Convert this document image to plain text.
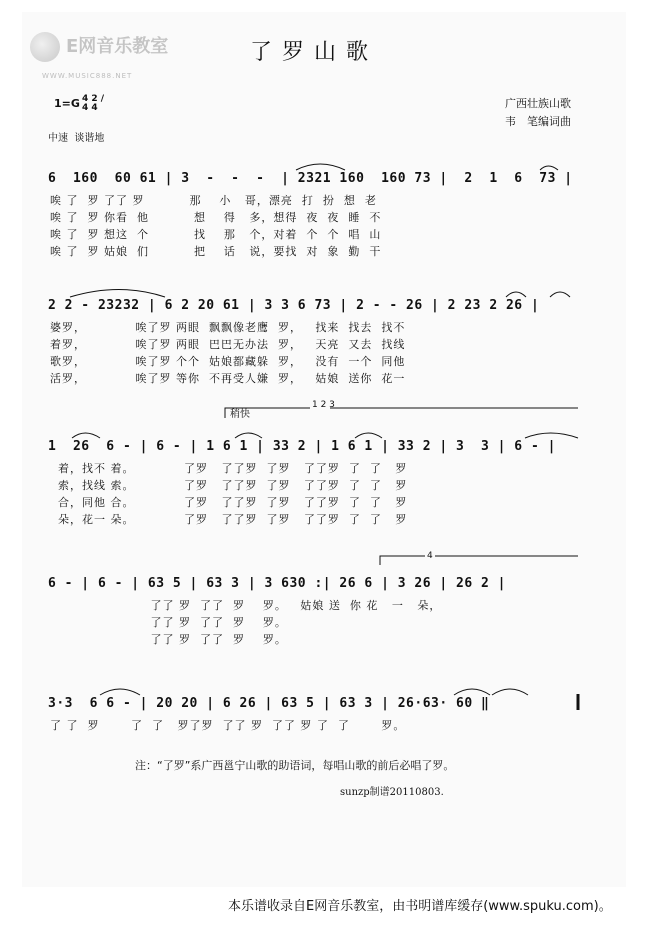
E网音乐教室
WWW.MUSIC888.NET
了罗山歌
1=G 4 2 / 4 4	广西壮族山歌
韦　笔编词曲
中速  谈谐地
6  160  60 61 | 3  -  -  -  | 2321 160  160 73 |  2  1  6  73 |
唉 了  罗 了了 罗          那    小   哥，漂亮  打  扮  想  老
唉 了  罗 你看  他          想    得   多，想得  夜  夜  睡  不
唉 了  罗 想这  个          找    那   个，对着  个  个  唱  山
唉 了  罗 姑娘  们          把    话   说，要找  对  象  勤  干
2 2 - 23232 | 6 2 20 61 | 3 3 6 73 | 2 - - 26 | 2 23 2 26 |
婆罗，           唉了罗 两眼  飘飘像老鹰  罗，   找来  找去  找不
着罗，           唉了罗 两眼  巴巴无办法  罗，   天亮  又去  找线
歌罗，           唉了罗 个个  姑娘都藏躲  罗，   没有  一个  同他
活罗，           唉了罗 等你  不再受人嫌  罗，   姑娘  送你  花一
稍快
1 2 3
1  26  6 - | 6 - | 1 6 1 | 33 2 | 1 6 1 | 33 2 | 3  3 | 6 - |
着，找不 着。           了罗   了了罗  了罗   了了罗  了  了   罗
索，找线 索。           了罗   了了罗  了罗   了了罗  了  了   罗
合，同他 合。           了罗   了了罗  了罗   了了罗  了  了   罗
朵，花一 朵。           了罗   了了罗  了罗   了了罗  了  了   罗
4
6 - | 6 - | 63 5 | 63 3 | 3 630 :| 26 6 | 3 26 | 26 2 |
了了 罗  了了  罗    罗。   姑娘 送  你 花   一   朵，
了了 罗  了了  罗    罗。
了了 罗  了了  罗    罗。
3·3  6 6 - | 20 20 | 6 26 | 63 5 | 63 3 | 26·63· 60 ‖
了 了  罗       了  了   罗了罗  了了 罗  了了 罗 了  了       罗。
注：“了罗”系广西邕宁山歌的助语词，每唱山歌的前后必唱了罗。
sunzp制谱20110803.
本乐谱收录自E网音乐教室，由书明谱库缓存(www.spuku.com)。
